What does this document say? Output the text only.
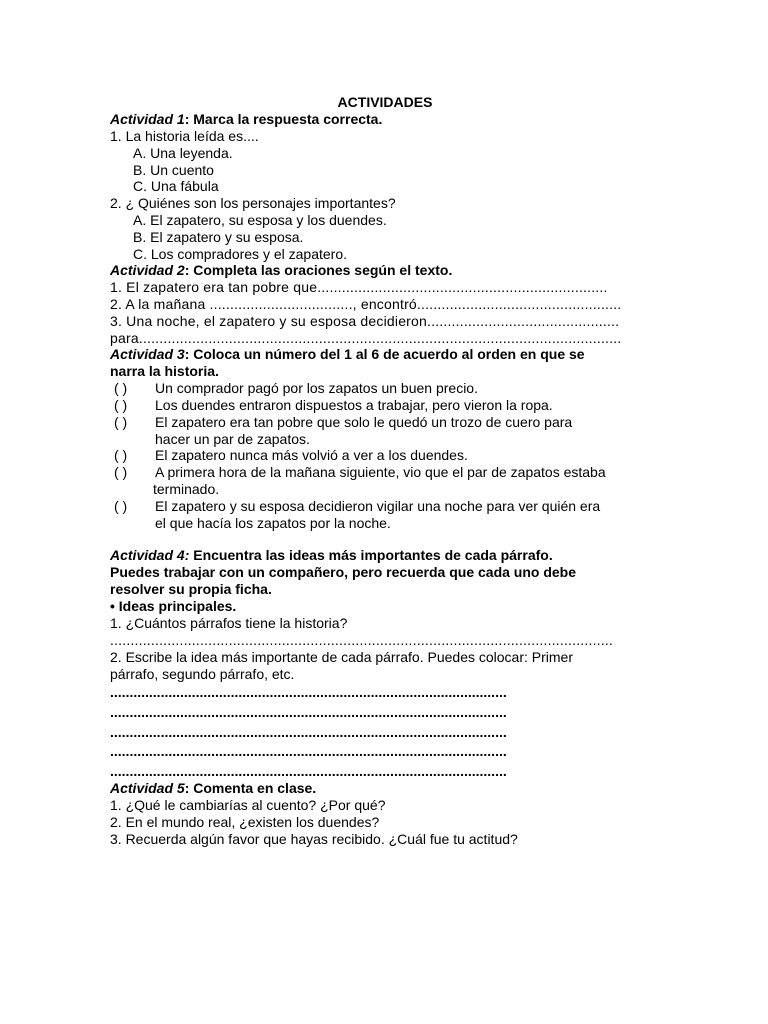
ACTIVIDADES
Actividad 1: Marca la respuesta correcta.
1. La historia leída es....
A. Una leyenda.
B. Un cuento
C. Una fábula
2. ¿ Quiénes son los personajes importantes?
A. El zapatero, su esposa y los duendes.
B. El zapatero y su esposa.
C. Los compradores y el zapatero.
Actividad 2: Completa las oraciones según el texto.
1. El zapatero era tan pobre que.......................................................................
2. A la mañana ..................................., encontró..................................................
3. Una noche, el zapatero y su esposa decidieron...............................................
para......................................................................................................................
Actividad 3: Coloca un número del 1 al 6 de acuerdo al orden en que se
narra la historia.
( )	Un comprador pagó por los zapatos un buen precio.
( )	Los duendes entraron dispuestos a trabajar, pero vieron la ropa.
( )	El zapatero era tan pobre que solo le quedó un trozo de cuero para
hacer un par de zapatos.
( )	El zapatero nunca más volvió a ver a los duendes.
( )	A primera hora de la mañana siguiente, vio que el par de zapatos estaba
terminado.
( )	El zapatero y su esposa decidieron vigilar una noche para ver quién era
el que hacía los zapatos por la noche.
Actividad 4: Encuentra las ideas más importantes de cada párrafo.
Puedes trabajar con un compañero, pero recuerda que cada uno debe
resolver su propia ficha.
• Ideas principales.
1. ¿Cuántos párrafos tiene la historia?
...........................................................................................................................
2. Escribe la idea más importante de cada párrafo. Puedes colocar: Primer
párrafo, segundo párrafo, etc.
......................................................................................................
......................................................................................................
......................................................................................................
......................................................................................................
......................................................................................................
Actividad 5: Comenta en clase.
1. ¿Qué le cambiarías al cuento? ¿Por qué?
2. En el mundo real, ¿existen los duendes?
3. Recuerda algún favor que hayas recibido. ¿Cuál fue tu actitud?
